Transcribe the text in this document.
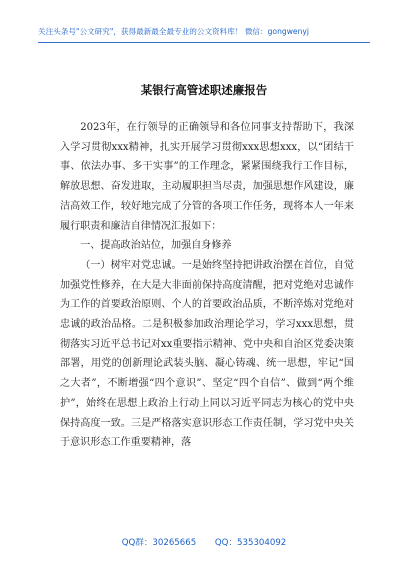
关注头条号"公文研究"，获得最新最全最专业的公文资料库！ 微信：gongwenyj
某银行高管述职述廉报告

2023年，在行领导的正确领导和各位同事支持帮助下，我深入学习贯彻xxx精神，扎实开展学习贯彻xxx思想xxx，以“团结干事、依法办事、多干实事”的工作理念，紧紧围绕我行工作目标，解放思想、奋发进取，主动履职担当尽责，加强思想作风建设，廉洁高效工作，较好地完成了分管的各项工作任务，现将本人一年来履行职责和廉洁自律情况汇报如下：

一、提高政治站位，加强自身修养

（一）树牢对党忠诚。一是始终坚持把讲政治摆在首位，自觉加强党性修养，在大是大非面前保持高度清醒，把对党绝对忠诚作为工作的首要政治原则、个人的首要政治品质，不断淬炼对党绝对忠诚的政治品格。二是积极参加政治理论学习，学习xxx思想，贯彻落实习近平总书记对xx重要指示精神、党中央和自治区党委决策部署，用党的创新理论武装头脑、凝心铸魂、统一思想，牢记“国之大者”，不断增强“四个意识”、坚定“四个自信”、做到“两个维护”，始终在思想上政治上行动上同以习近平同志为核心的党中央保持高度一致。三是严格落实意识形态工作责任制，学习党中央关于意识形态工作重要精神，落

QQ群：30265665 QQ：535304092
